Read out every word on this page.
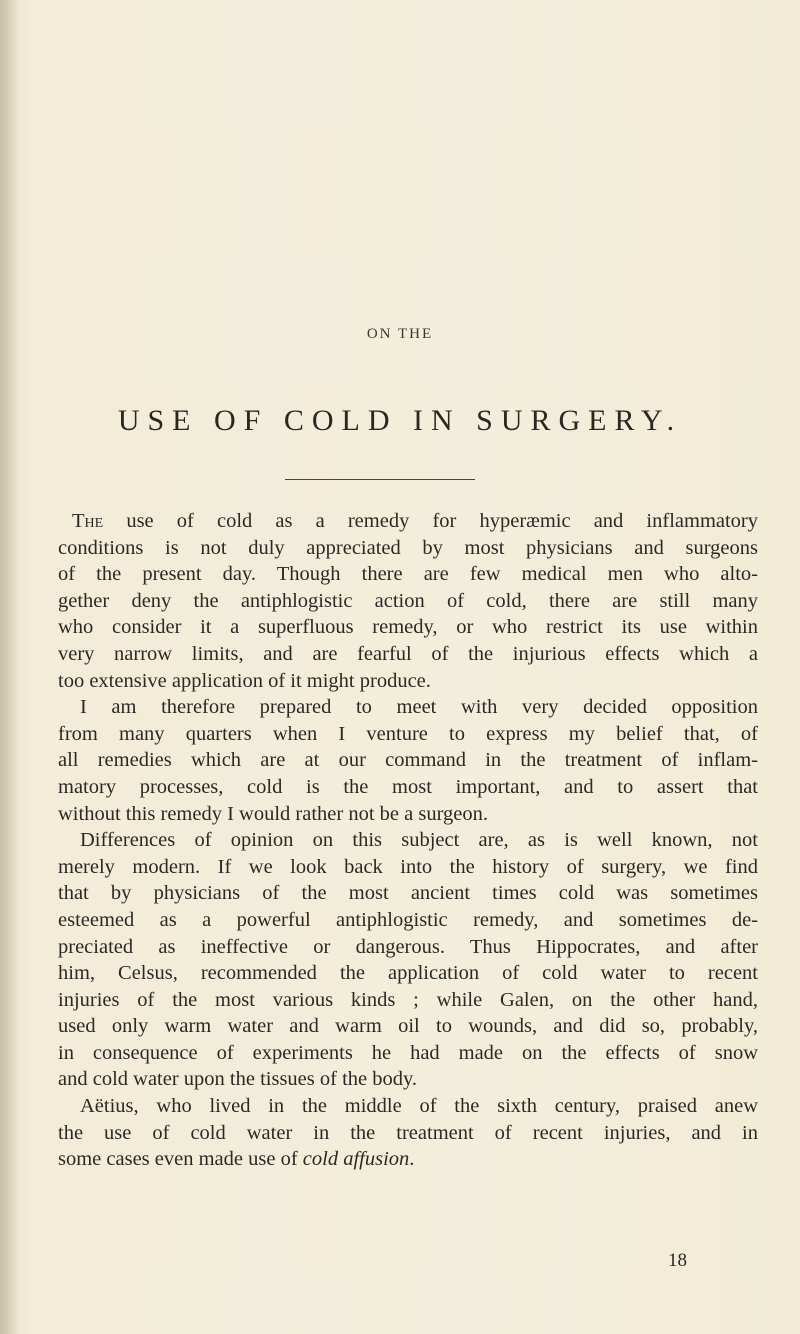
ON THE
USE OF COLD IN SURGERY.
The use of cold as a remedy for hyperæmic and inflammatory
conditions is not duly appreciated by most physicians and surgeons
of the present day. Though there are few medical men who alto-
gether deny the antiphlogistic action of cold, there are still many
who consider it a superfluous remedy, or who restrict its use within
very narrow limits, and are fearful of the injurious effects which a
too extensive application of it might produce.
I am therefore prepared to meet with very decided opposition
from many quarters when I venture to express my belief that, of
all remedies which are at our command in the treatment of inflam-
matory processes, cold is the most important, and to assert that
without this remedy I would rather not be a surgeon.
Differences of opinion on this subject are, as is well known, not
merely modern. If we look back into the history of surgery, we find
that by physicians of the most ancient times cold was sometimes
esteemed as a powerful antiphlogistic remedy, and sometimes de-
preciated as ineffective or dangerous. Thus Hippocrates, and after
him, Celsus, recommended the application of cold water to recent
injuries of the most various kinds ; while Galen, on the other hand,
used only warm water and warm oil to wounds, and did so, probably,
in consequence of experiments he had made on the effects of snow
and cold water upon the tissues of the body.
Aëtius, who lived in the middle of the sixth century, praised anew
the use of cold water in the treatment of recent injuries, and in
some cases even made use of cold affusion.
18
